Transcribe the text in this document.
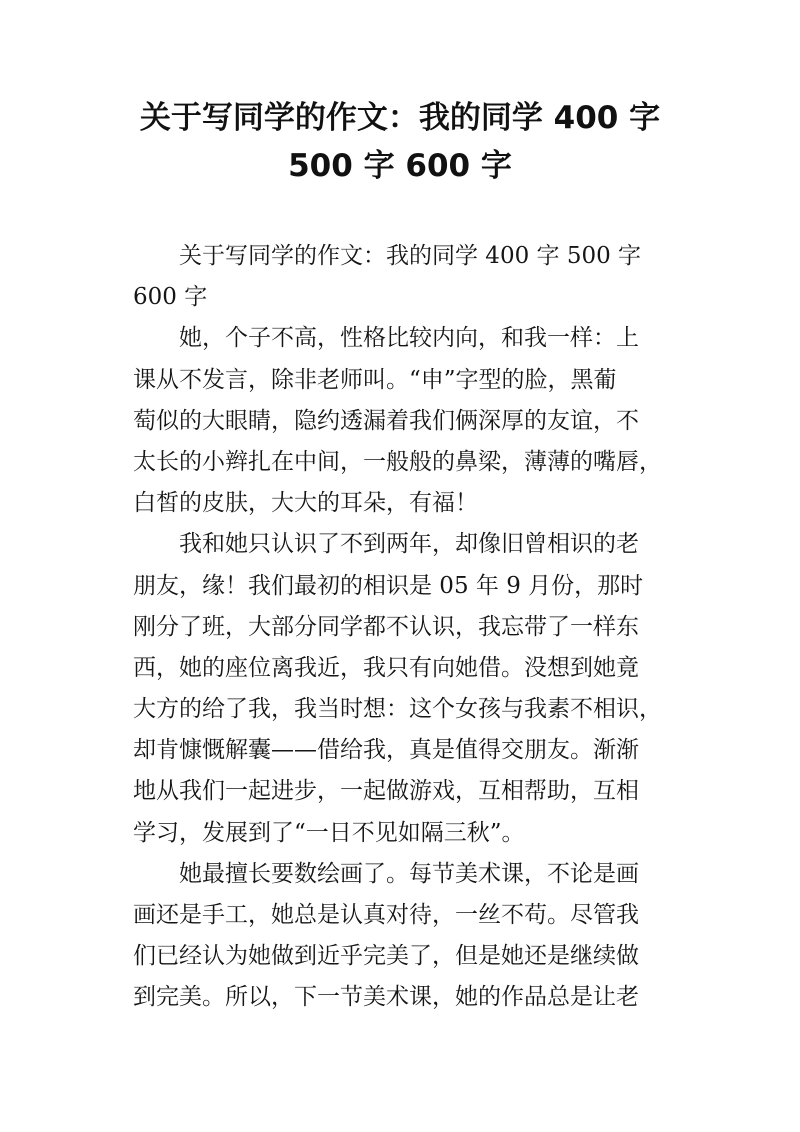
关于写同学的作文：我的同学 400 字
500 字 600 字
关于写同学的作文：我的同学 400 字 500 字
600 字
她，个子不高，性格比较内向，和我一样：上
课从不发言，除非老师叫。“申”字型的脸，黑葡
萄似的大眼睛，隐约透漏着我们俩深厚的友谊，不
太长的小辫扎在中间，一般般的鼻梁，薄薄的嘴唇，
白皙的皮肤，大大的耳朵，有福！
我和她只认识了不到两年，却像旧曾相识的老
朋友，缘！我们最初的相识是 05 年 9 月份，那时
刚分了班，大部分同学都不认识，我忘带了一样东
西，她的座位离我近，我只有向她借。没想到她竟
大方的给了我，我当时想：这个女孩与我素不相识，
却肯慷慨解囊——借给我，真是值得交朋友。渐渐
地从我们一起进步，一起做游戏，互相帮助，互相
学习，发展到了“一日不见如隔三秋”。
她最擅长要数绘画了。每节美术课，不论是画
画还是手工，她总是认真对待，一丝不苟。尽管我
们已经认为她做到近乎完美了，但是她还是继续做
到完美。所以，下一节美术课，她的作品总是让老
